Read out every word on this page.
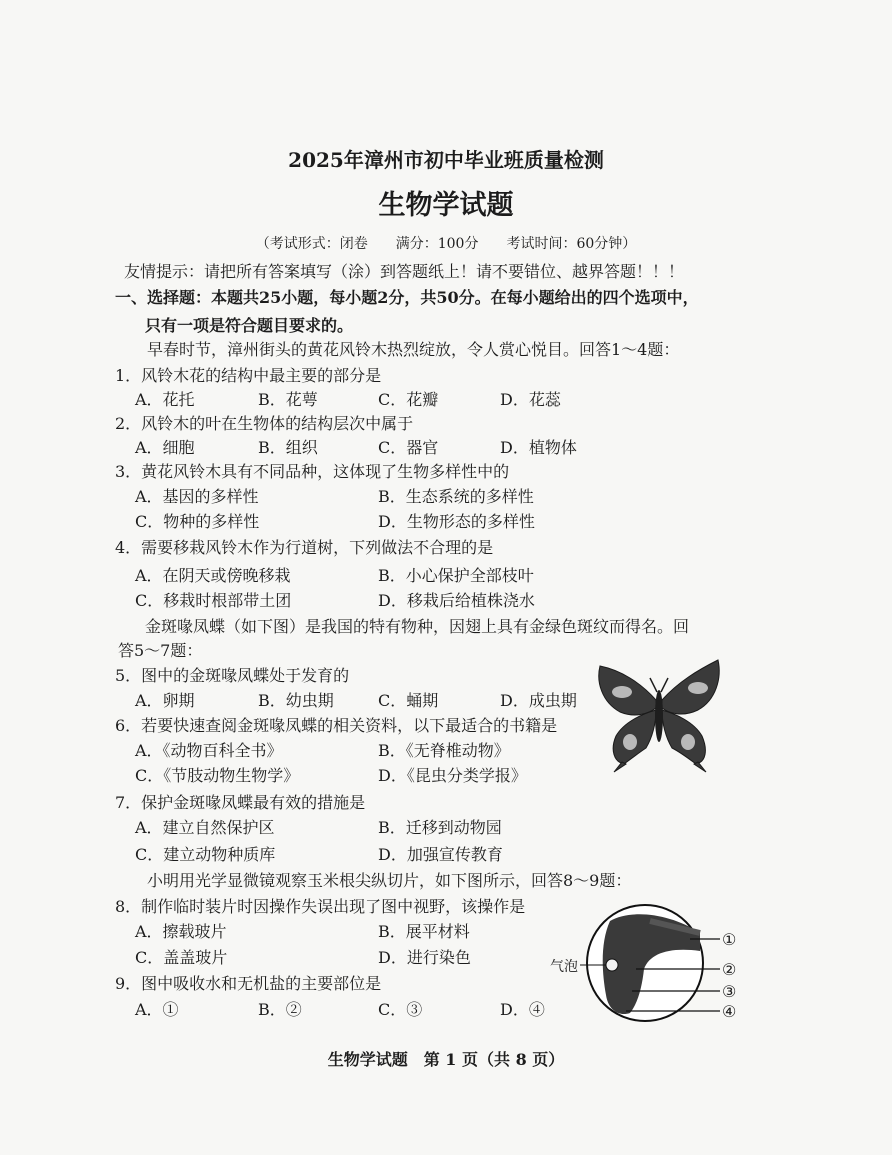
2025年漳州市初中毕业班质量检测
生物学试题
（考试形式：闭卷　　满分：100分　　考试时间：60分钟）
友情提示：请把所有答案填写（涂）到答题纸上！请不要错位、越界答题！！！
一、选择题：本题共25小题，每小题2分，共50分。在每小题给出的四个选项中，
只有一项是符合题目要求的。
早春时节，漳州街头的黄花风铃木热烈绽放，令人赏心悦目。回答1～4题：
1．风铃木花的结构中最主要的部分是
A．花托	B．花萼	C．花瓣	D．花蕊
2．风铃木的叶在生物体的结构层次中属于
A．细胞	B．组织	C．器官	D．植物体
3．黄花风铃木具有不同品种，这体现了生物多样性中的
A．基因的多样性	B．生态系统的多样性
C．物种的多样性	D．生物形态的多样性
4．需要移栽风铃木作为行道树，下列做法不合理的是
A．在阴天或傍晚移栽	B．小心保护全部枝叶
C．移栽时根部带土团	D．移栽后给植株浇水
金斑喙凤蝶（如下图）是我国的特有物种，因翅上具有金绿色斑纹而得名。回
答5～7题：
5．图中的金斑喙凤蝶处于发育的
A．卵期	B．幼虫期	C．蛹期	D．成虫期
6．若要快速查阅金斑喙凤蝶的相关资料，以下最适合的书籍是
A．《动物百科全书》	B．《无脊椎动物》
C．《节肢动物生物学》	D．《昆虫分类学报》
7．保护金斑喙凤蝶最有效的措施是
A．建立自然保护区	B．迁移到动物园
C．建立动物种质库	D．加强宣传教育
小明用光学显微镜观察玉米根尖纵切片，如下图所示，回答8～9题：
8．制作临时装片时因操作失误出现了图中视野，该操作是
A．擦载玻片	B．展平材料
C．盖盖玻片	D．进行染色
9．图中吸收水和无机盐的主要部位是
A．①	B．②	C．③	D．④
气泡
①
②
③
④
生物学试题　第 1 页（共 8 页）
